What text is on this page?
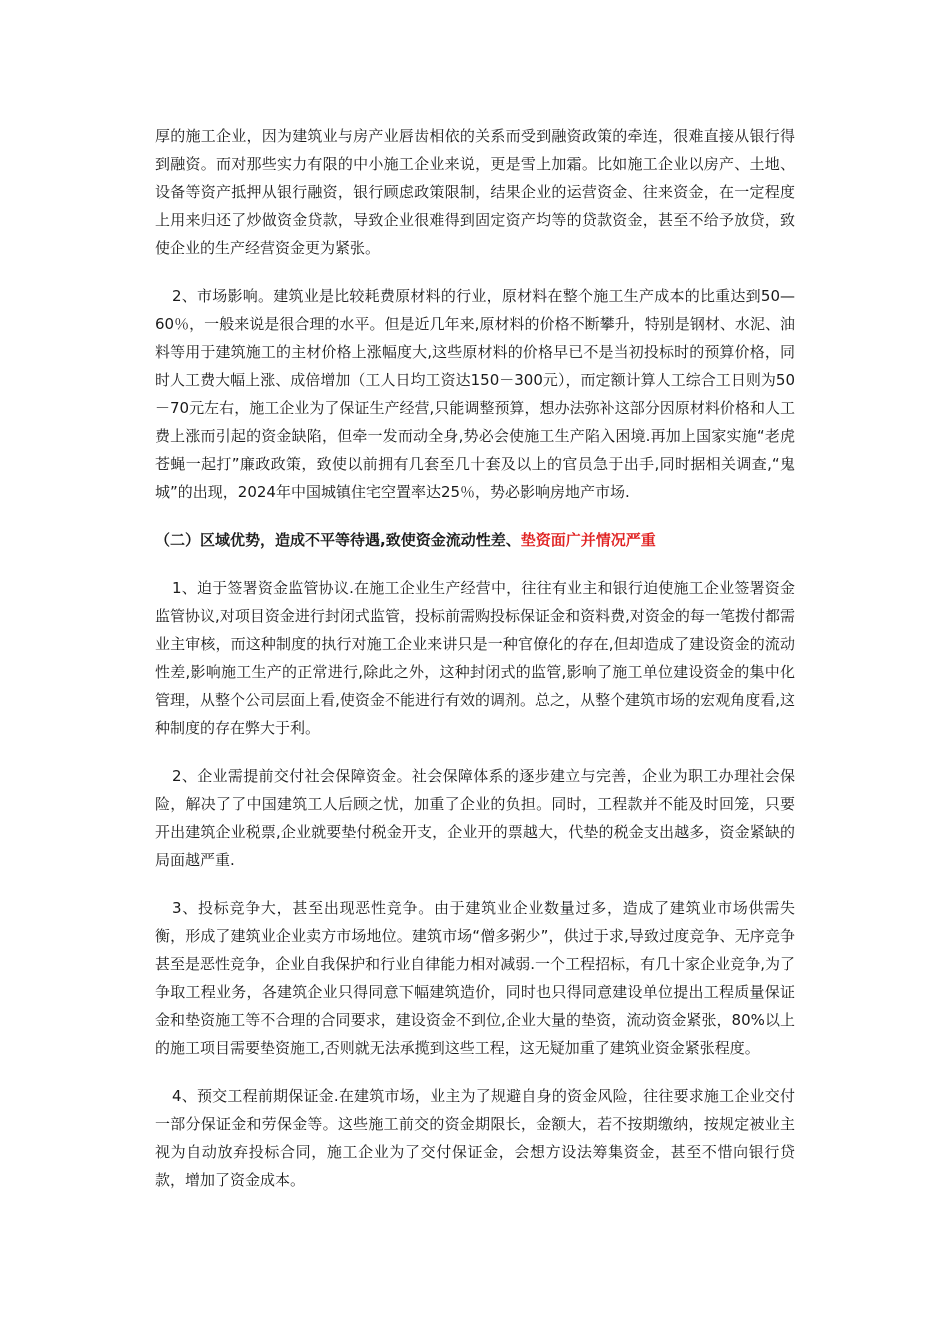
厚的施工企业，因为建筑业与房产业唇齿相依的关系而受到融资政策的牵连，很难直接从银行得到融资。而对那些实力有限的中小施工企业来说，更是雪上加霜。比如施工企业以房产、土地、设备等资产抵押从银行融资，银行顾虑政策限制，结果企业的运营资金、往来资金，在一定程度上用来归还了炒做资金贷款，导致企业很难得到固定资产均等的贷款资金，甚至不给予放贷，致使企业的生产经营资金更为紧张。

2、市场影响。建筑业是比较耗费原材料的行业，原材料在整个施工生产成本的比重达到50—60％，一般来说是很合理的水平。但是近几年来,原材料的价格不断攀升，特别是钢材、水泥、油料等用于建筑施工的主材价格上涨幅度大,这些原材料的价格早已不是当初投标时的预算价格，同时人工费大幅上涨、成倍增加（工人日均工资达150－300元），而定额计算人工综合工日则为50－70元左右，施工企业为了保证生产经营,只能调整预算，想办法弥补这部分因原材料价格和人工费上涨而引起的资金缺陷，但牵一发而动全身,势必会使施工生产陷入困境.再加上国家实施“老虎苍蝇一起打”廉政政策，致使以前拥有几套至几十套及以上的官员急于出手,同时据相关调查,“鬼城”的出现，2024年中国城镇住宅空置率达25％，势必影响房地产市场.

（二）区域优势，造成不平等待遇,致使资金流动性差、垫资面广并情况严重

1、迫于签署资金监管协议.在施工企业生产经营中，往往有业主和银行迫使施工企业签署资金监管协议,对项目资金进行封闭式监管，投标前需购投标保证金和资料费,对资金的每一笔拨付都需业主审核，而这种制度的执行对施工企业来讲只是一种官僚化的存在,但却造成了建设资金的流动性差,影响施工生产的正常进行,除此之外，这种封闭式的监管,影响了施工单位建设资金的集中化管理，从整个公司层面上看,使资金不能进行有效的调剂。总之，从整个建筑市场的宏观角度看,这种制度的存在弊大于利。

2、企业需提前交付社会保障资金。社会保障体系的逐步建立与完善，企业为职工办理社会保险，解决了了中国建筑工人后顾之忧，加重了企业的负担。同时，工程款并不能及时回笼，只要开出建筑企业税票,企业就要垫付税金开支，企业开的票越大，代垫的税金支出越多，资金紧缺的局面越严重.

3、投标竞争大，甚至出现恶性竞争。由于建筑业企业数量过多，造成了建筑业市场供需失衡，形成了建筑业企业卖方市场地位。建筑市场“僧多粥少”，供过于求,导致过度竞争、无序竞争甚至是恶性竞争，企业自我保护和行业自律能力相对减弱.一个工程招标，有几十家企业竞争,为了争取工程业务，各建筑企业只得同意下幅建筑造价，同时也只得同意建设单位提出工程质量保证金和垫资施工等不合理的合同要求，建设资金不到位,企业大量的垫资，流动资金紧张，80%以上的施工项目需要垫资施工,否则就无法承揽到这些工程，这无疑加重了建筑业资金紧张程度。

4、预交工程前期保证金.在建筑市场，业主为了规避自身的资金风险，往往要求施工企业交付一部分保证金和劳保金等。这些施工前交的资金期限长，金额大，若不按期缴纳，按规定被业主视为自动放弃投标合同，施工企业为了交付保证金，会想方设法筹集资金，甚至不惜向银行贷款，增加了资金成本。
